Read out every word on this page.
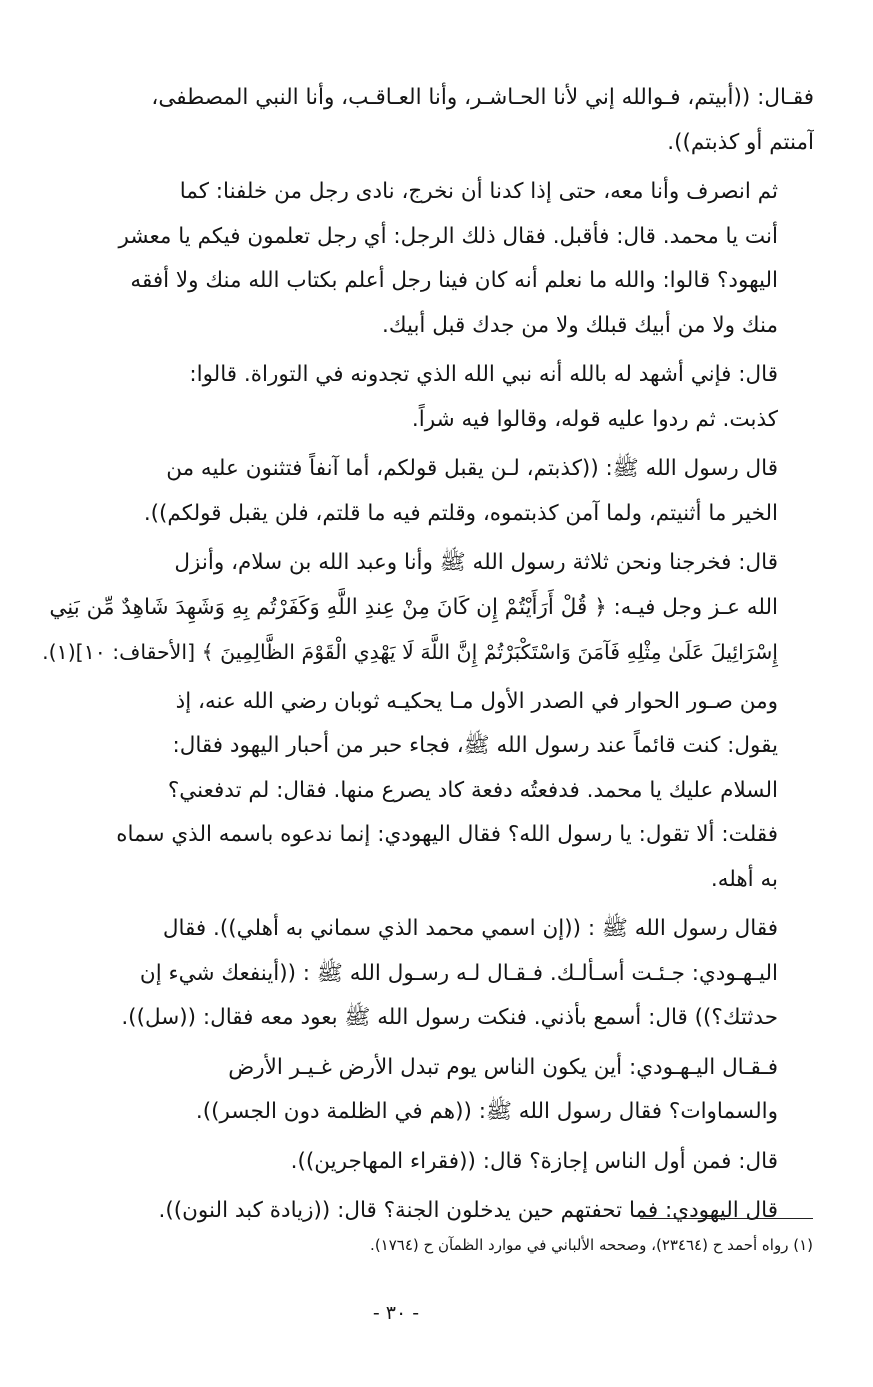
فقـال: ((أبيتم، فـوالله إني لأنا الحـاشـر، وأنا العـاقـب، وأنا النبي المصطفى،
آمنتم أو كذبتم)).
ثم انصرف وأنا معه، حتى إذا كدنا أن نخرج، نادى رجل من خلفنا: كما
أنت يا محمد. قال: فأقبل. فقال ذلك الرجل: أي رجل تعلمون فيكم يا معشر
اليهود؟ قالوا: والله ما نعلم أنه كان فينا رجل أعلم بكتاب الله منك ولا أفقه
منك ولا من أبيك قبلك ولا من جدك قبل أبيك.
قال: فإني أشهد له بالله أنه نبي الله الذي تجدونه في التوراة. قالوا:
كذبت. ثم ردوا عليه قوله، وقالوا فيه شراً.
قال رسول الله ﷺ: ((كذبتم، لـن يقبل قولكم، أما آنفاً فتثنون عليه من
الخير ما أثنيتم، ولما آمن كذبتموه، وقلتم فيه ما قلتم، فلن يقبل قولكم)).
قال: فخرجنا ونحن ثلاثة رسول الله ﷺ وأنا وعبد الله بن سلام، وأنزل
الله عـز وجل فيـه: ﴿ قُلْ أَرَأَيْتُمْ إِن كَانَ مِنْ عِندِ اللَّهِ وَكَفَرْتُم بِهِ وَشَهِدَ شَاهِدٌ مِّن بَنِي
إِسْرَائِيلَ عَلَىٰ مِثْلِهِ فَآمَنَ وَاسْتَكْبَرْتُمْ إِنَّ اللَّهَ لَا يَهْدِي الْقَوْمَ الظَّالِمِينَ ﴾ [الأحقاف: ١٠](١).
ومن صـور الحوار في الصدر الأول مـا يحكيـه ثوبان رضي الله عنه، إذ
يقول: كنت قائماً عند رسول الله ﷺ، فجاء حبر من أحبار اليهود فقال:
السلام عليك يا محمد. فدفعتُه دفعة كاد يصرع منها. فقال: لم تدفعني؟
فقلت: ألا تقول: يا رسول الله؟ فقال اليهودي: إنما ندعوه باسمه الذي سماه
به أهله.
فقال رسول الله ﷺ : ((إن اسمي محمد الذي سماني به أهلي)). فقال
اليـهـودي: جـئـت أسـألـك. فـقـال لـه رسـول الله ﷺ : ((أينفعك شيء إن
حدثتك؟)) قال: أسمع بأذني. فنكت رسول الله ﷺ بعود معه فقال: ((سل)).
فـقـال اليـهـودي: أين يكون الناس يوم تبدل الأرض غـيـر الأرض
والسماوات؟ فقال رسول الله ﷺ: ((هم في الظلمة دون الجسر)).
قال: فمن أول الناس إجازة؟ قال: ((فقراء المهاجرين)).
قال اليهودي: فما تحفتهم حين يدخلون الجنة؟ قال: ((زيادة كبد النون)).
(١) رواه أحمد ح (٢٣٤٦٤)، وصححه الألباني في موارد الظمآن ح (١٧٦٤).
- ٣٠ -
